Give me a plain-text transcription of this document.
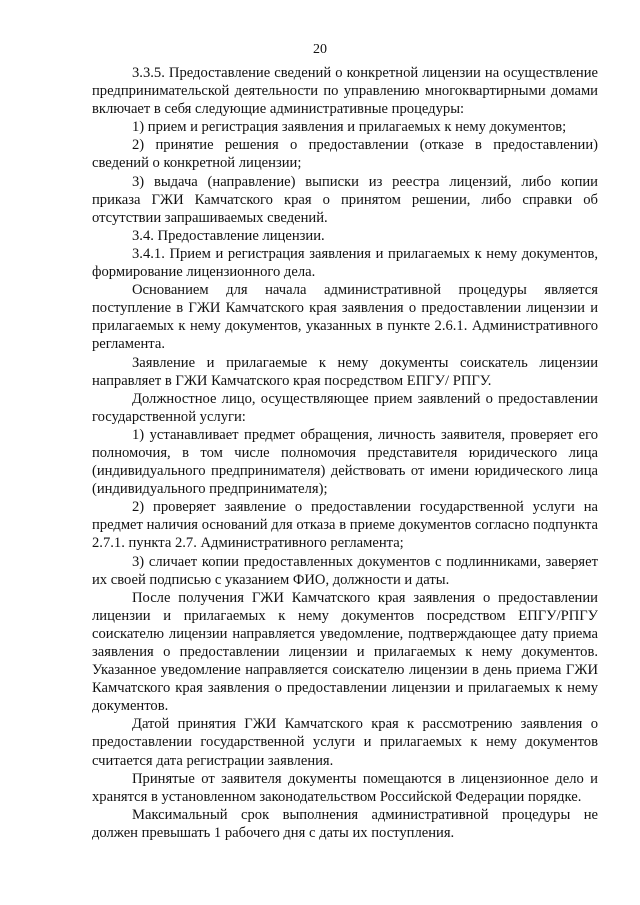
20

3.3.5. Предоставление сведений о конкретной лицензии на осуществление предпринимательской деятельности по управлению многоквартирными домами включает в себя следующие административные процедуры:

1) прием и регистрация заявления и прилагаемых к нему документов;

2) принятие решения о предоставлении (отказе в предоставлении) сведений о конкретной лицензии;

3) выдача (направление) выписки из реестра лицензий, либо копии приказа ГЖИ Камчатского края о принятом решении, либо справки об отсутствии запрашиваемых сведений.

3.4. Предоставление лицензии.

3.4.1. Прием и регистрация заявления и прилагаемых к нему документов, формирование лицензионного дела.

Основанием для начала административной процедуры является поступление в ГЖИ Камчатского края заявления о предоставлении лицензии и прилагаемых к нему документов, указанных в пункте 2.6.1. Административного регламента.

Заявление и прилагаемые к нему документы соискатель лицензии направляет в ГЖИ Камчатского края посредством ЕПГУ/ РПГУ.

Должностное лицо, осуществляющее прием заявлений о предоставлении государственной услуги:

1) устанавливает предмет обращения, личность заявителя, проверяет его полномочия, в том числе полномочия представителя юридического лица (индивидуального предпринимателя) действовать от имени юридического лица (индивидуального предпринимателя);

2) проверяет заявление о предоставлении государственной услуги на предмет наличия оснований для отказа в приеме документов согласно подпункта 2.7.1. пункта 2.7. Административного регламента;

3) сличает копии предоставленных документов с подлинниками, заверяет их своей подписью с указанием ФИО, должности и даты.

После получения ГЖИ Камчатского края заявления о предоставлении лицензии и прилагаемых к нему документов посредством ЕПГУ/РПГУ соискателю лицензии направляется уведомление, подтверждающее дату приема заявления о предоставлении лицензии и прилагаемых к нему документов. Указанное уведомление направляется соискателю лицензии в день приема ГЖИ Камчатского края заявления о предоставлении лицензии и прилагаемых к нему документов.

Датой принятия ГЖИ Камчатского края к рассмотрению заявления о предоставлении государственной услуги и прилагаемых к нему документов считается дата регистрации заявления.

Принятые от заявителя документы помещаются в лицензионное дело и хранятся в установленном законодательством Российской Федерации порядке.

Максимальный срок выполнения административной процедуры не должен превышать 1 рабочего дня с даты их поступления.
